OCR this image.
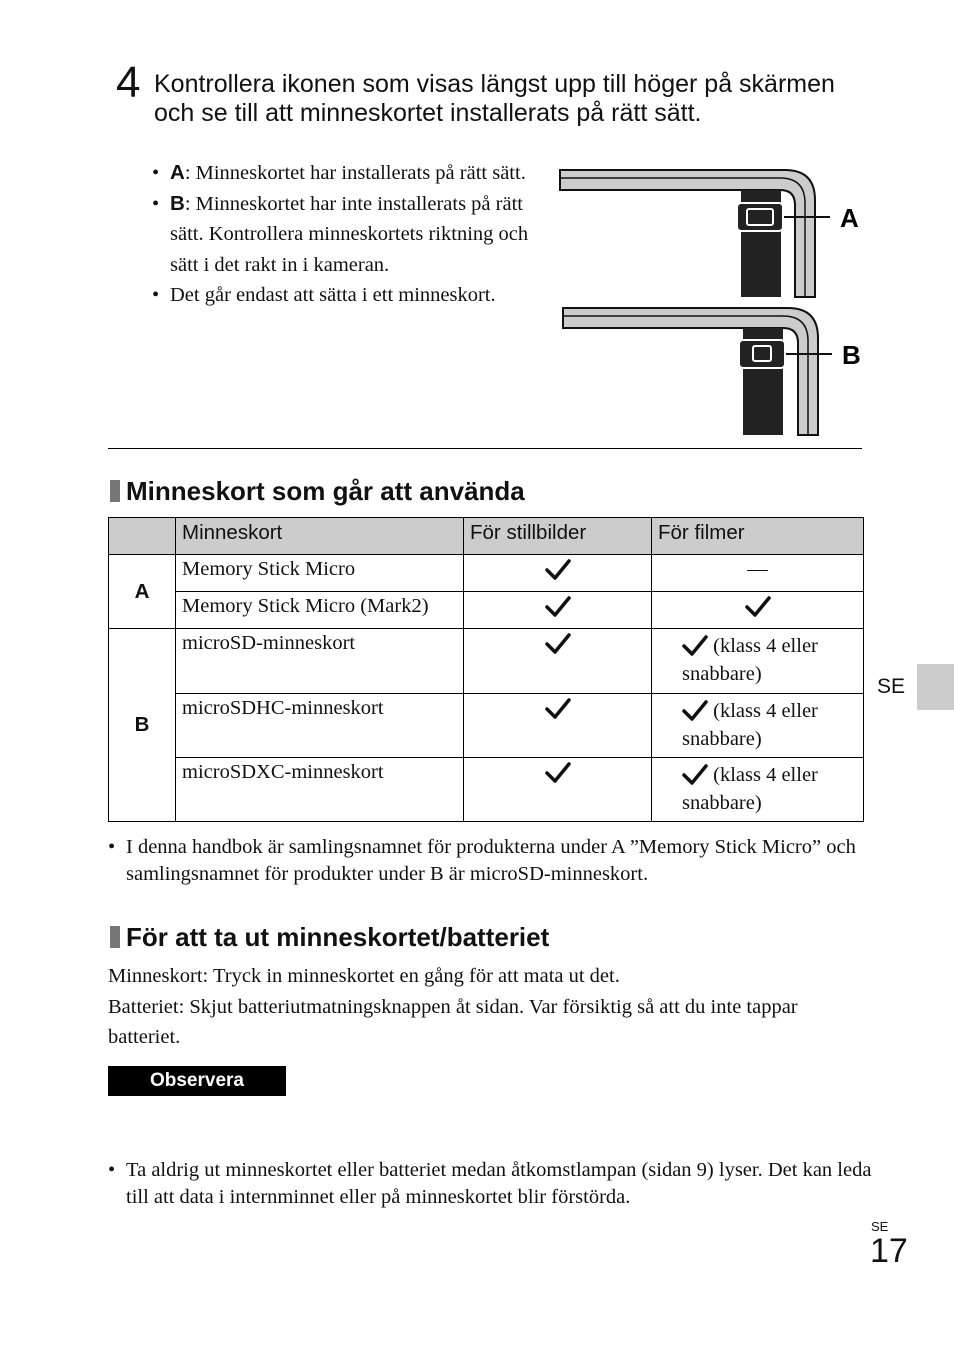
4 Kontrollera ikonen som visas längst upp till höger på skärmen och se till att minneskortet installerats på rätt sätt.
• A: Minneskortet har installerats på rätt sätt.
• B: Minneskortet har inte installerats på rätt sätt. Kontrollera minneskortets riktning och sätt i det rakt in i kameran.
• Det går endast att sätta i ett minneskort.
A
B
Minneskort som går att använda
	Minneskort	För stillbilder	För filmer
A	Memory Stick Micro		—
	Memory Stick Micro (Mark2)		
B	microSD-minneskort		(klass 4 eller snabbare)
	microSDHC-minneskort		(klass 4 eller snabbare)
	microSDXC-minneskort		(klass 4 eller snabbare)
• I denna handbok är samlingsnamnet för produkterna under A ”Memory Stick Micro” och samlingsnamnet för produkter under B är microSD-minneskort.
För att ta ut minneskortet/batteriet
Minneskort: Tryck in minneskortet en gång för att mata ut det.
Batteriet: Skjut batteriutmatningsknappen åt sidan. Var försiktig så att du inte tappar batteriet.
Observera
• Ta aldrig ut minneskortet eller batteriet medan åtkomstlampan (sidan 9) lyser. Det kan leda till att data i internminnet eller på minneskortet blir förstörda.
SE
SE
17
